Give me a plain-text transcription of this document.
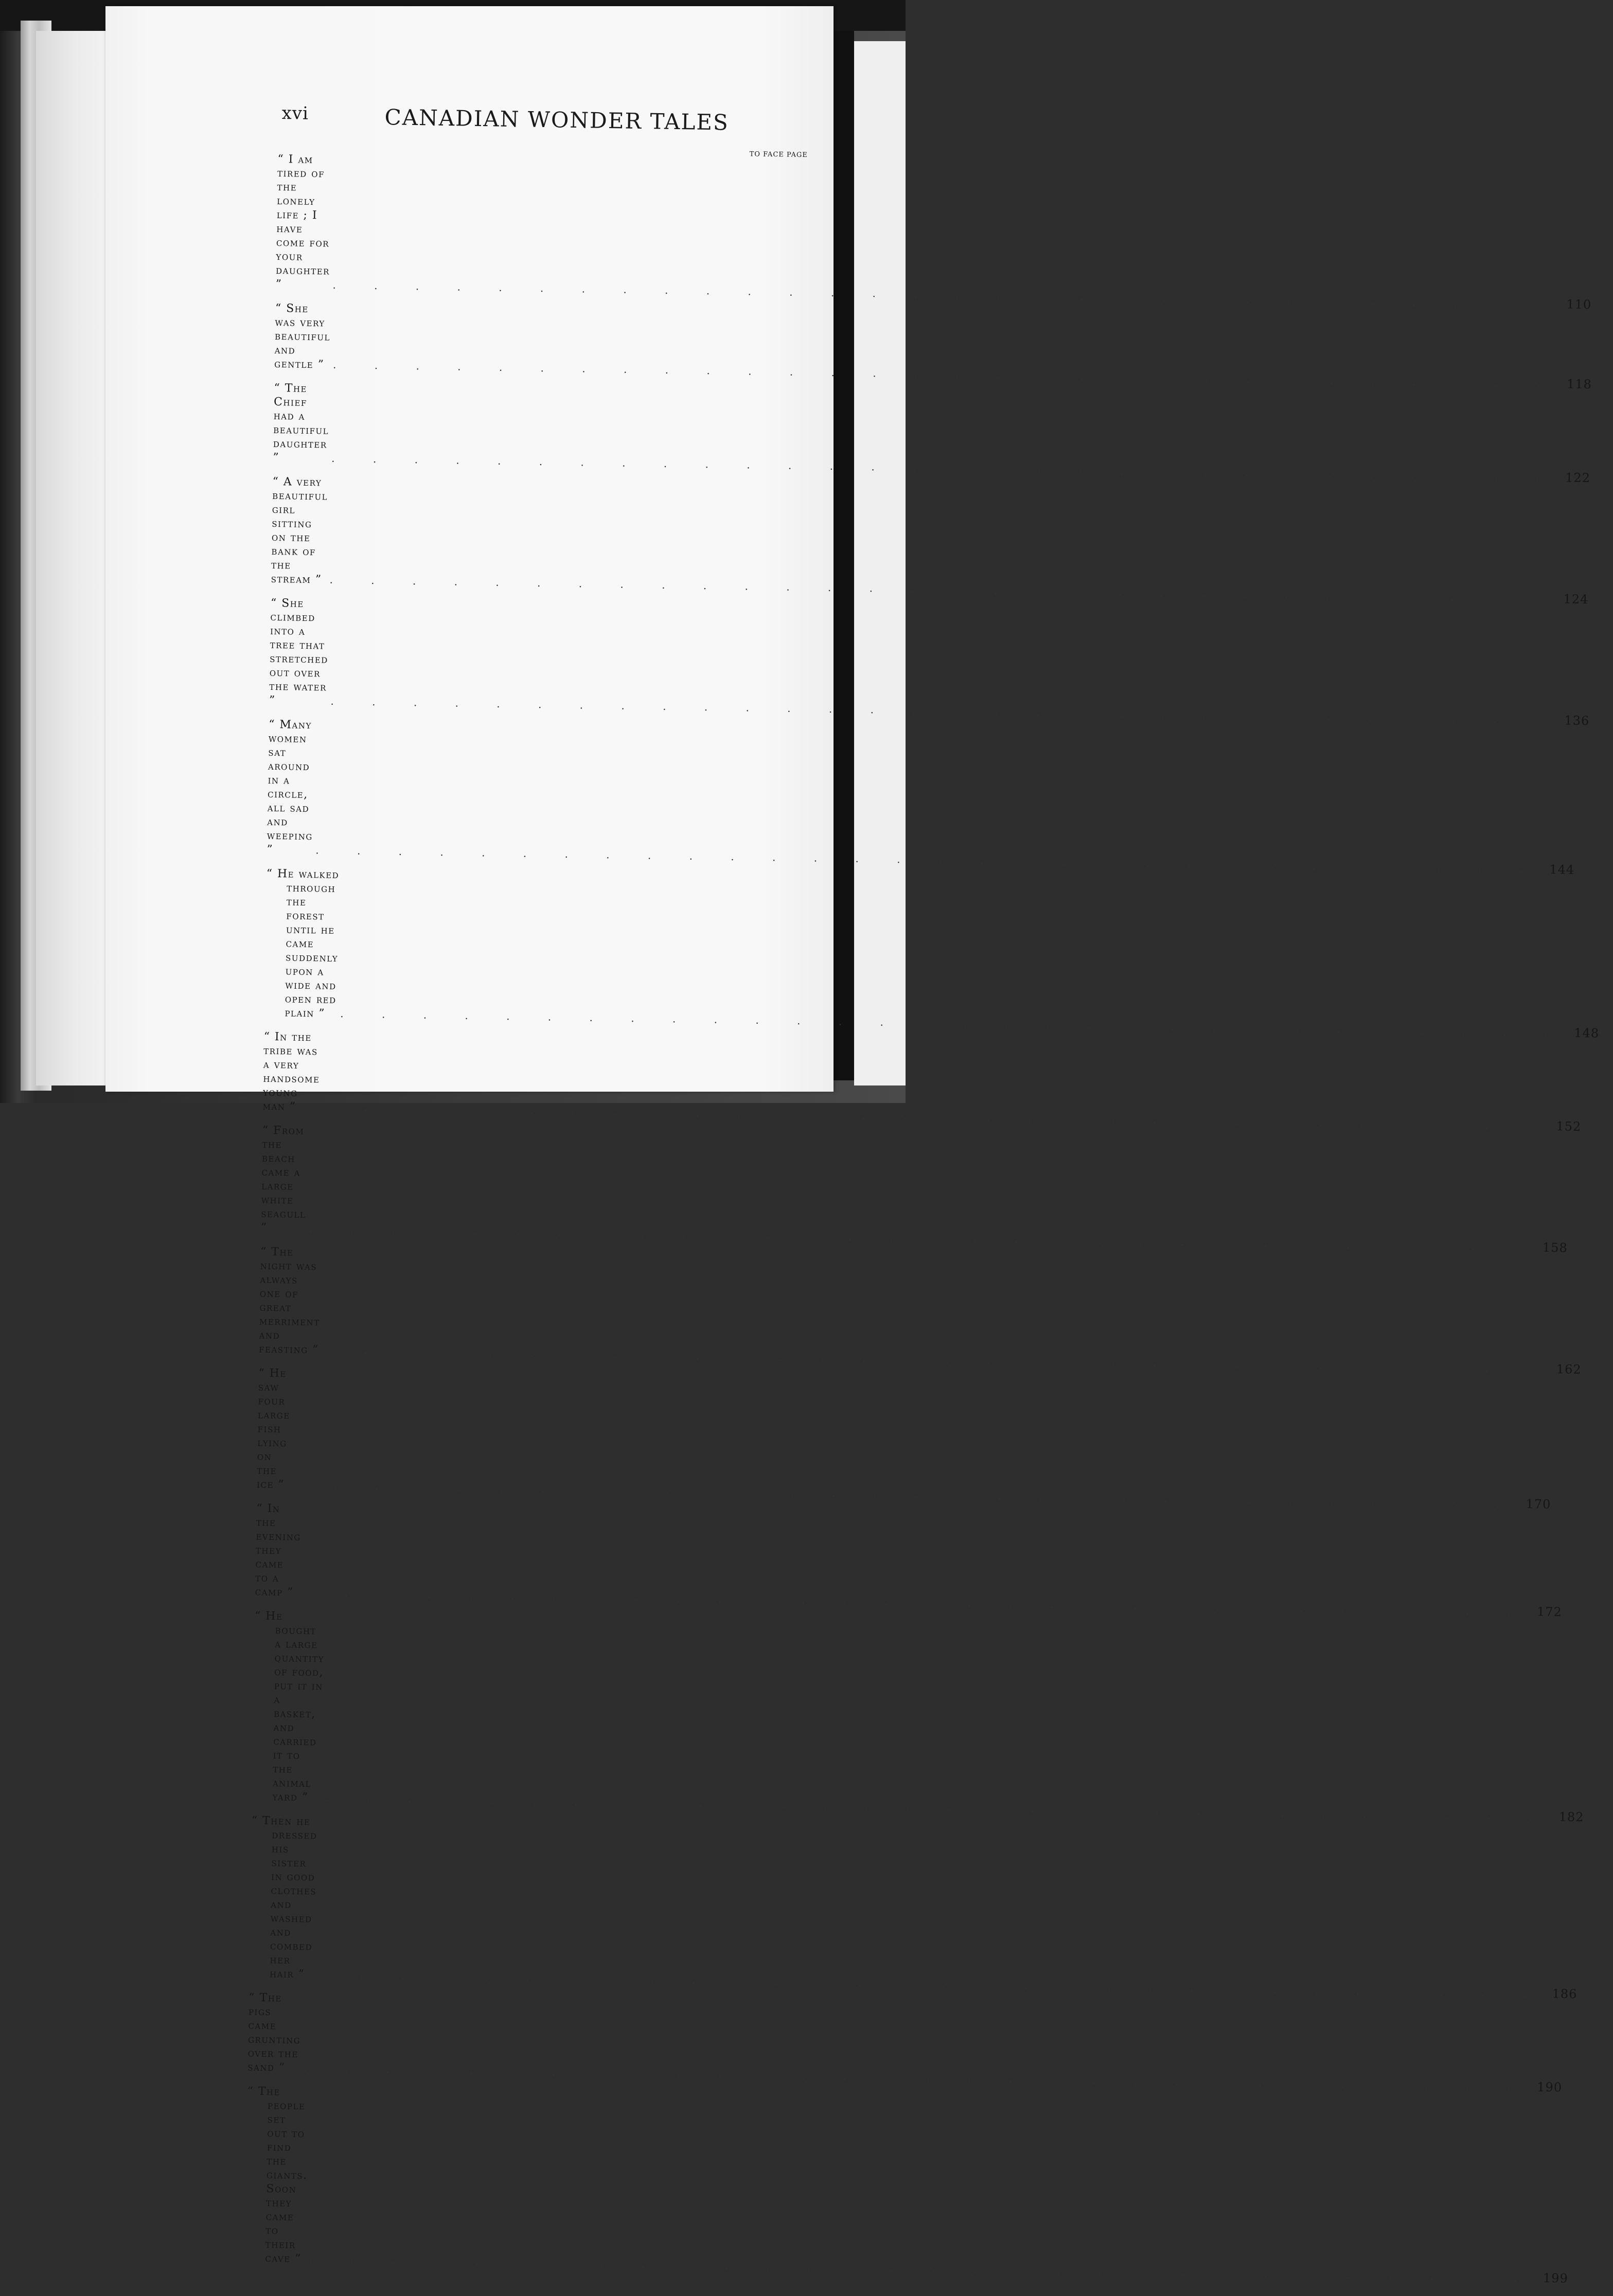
xvi	CANADIAN WONDER TALES
TO FACE PAGE
“ I am tired of the lonely life ; I have come for your daughter ”	. . . . . . . . . . . . . . . . . . . . . . . . . . . . . . 110
“ She was very beautiful and gentle ” . . . . . . . . . . . . . . . . . . . . . . . . . . . . . . 118
“ The Chief had a beautiful daughter ”	. . . . . . . . . . . . . . . . . . . . . . . . . . . . . . 122
“ A very beautiful girl sitting on the bank of the stream ” . . . . . . . . . . . . . . . . . . . . . . . . . . . . . . 124
“ She climbed into a tree that stretched out over the water ”	. . . . . . . . . . . . . . . . . . . . . . . . . . . . . . 136
“ Many women sat around in a circle, all sad and weeping ”	. . . . . . . . . . . . . . . . . . . . . . . . . . . . . . 144
“ He walked through the forest until he came suddenly upon a wide and open red plain ”	. . . . . . . . . . . . . . . . . . . . . . . . . . . . . . 148
“ In the tribe was a very handsome young man ”	. . . . . . . . . . . . . . . . . . . . . . . . . . . . . . 152
“ From the beach came a large white seagull ”	. . . . . . . . . . . . . . . . . . . . . . . . . . . . . . 158
“ The night was always one of great merriment and feasting ” . . . . . . . . . . . . . . . . . . . . . . . . . . . . . . 162
“ He saw four large fish lying on the ice ” . . . . . . . . . . . . . . . . . . . . . . . . . . . . . . 170
“ In the evening they came to a camp ” . . . . . . . . . . . . . . . . . . . . . . . . . . . . . . 172
“ He bought a large quantity of food, put it in a basket, and carried it to the animal yard ”	. . . . . . . . . . . . . . . . . . . . . . . . . . . . . . 182
“ Then he dressed his sister in good clothes and washed and combed her hair ”	. . . . . . . . . . . . . . . . . . . . . . . . . . . . . . 186
“ The pigs came grunting over the sand ”	. . . . . . . . . . . . . . . . . . . . . . . . . . . . . . 190
“ The people set out to find the giants. Soon they came to their cave ” . . . . . . . . . . . . . . . . . . . . . . . . . . . . . . 199
